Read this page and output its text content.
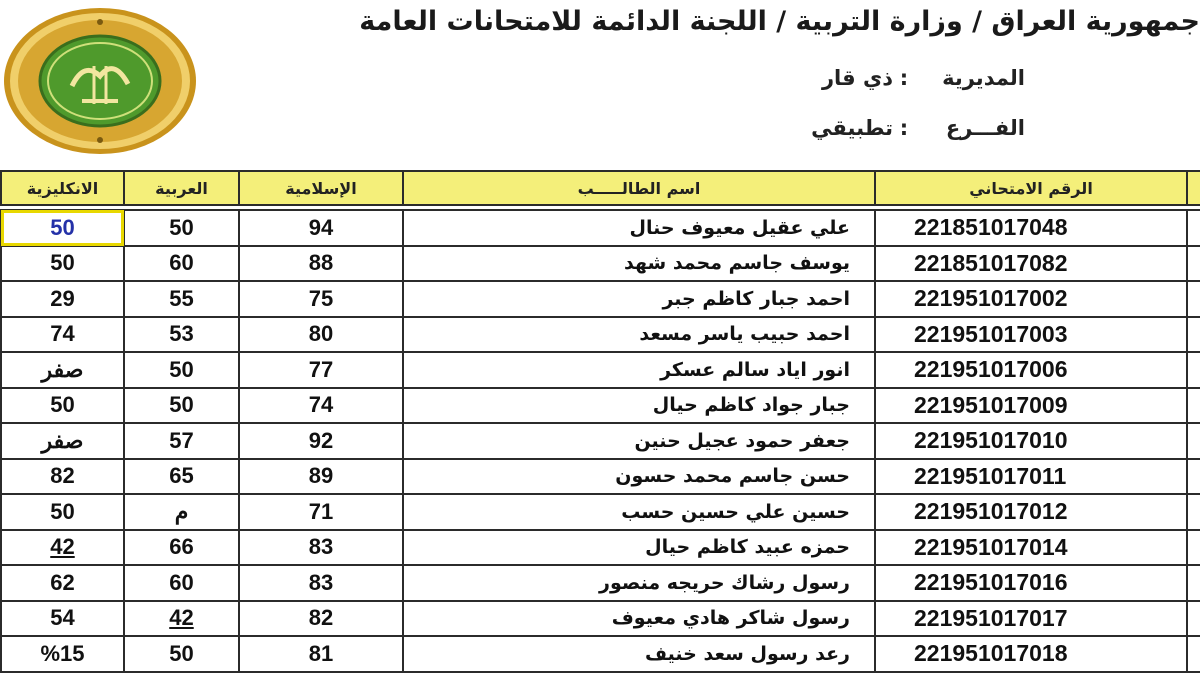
جمهورية العراق / وزارة التربية / اللجنة الدائمة للامتحانات العامة
المديرية:ذي قار
الفـــرع:تطبيقي
الانكليزية	العربية	الإسلامية	اسم الطالـــــب	الرقم الامتحاني	

50	50	94	علي عقيل معيوف حنال	221851017048	
50	60	88	يوسف جاسم محمد شهد	221851017082	
29	55	75	احمد جبار كاظم جبر	221951017002	
74	53	80	احمد حبيب ياسر مسعد	221951017003	
صفر	50	77	انور اياد سالم عسكر	221951017006	
50	50	74	جبار جواد كاظم حيال	221951017009	
صفر	57	92	جعفر حمود عجيل حنين	221951017010	
82	65	89	حسن جاسم محمد حسون	221951017011	
50	م	71	حسين علي حسين حسب	221951017012	
42	66	83	حمزه عبيد كاظم حيال	221951017014	
62	60	83	رسول رشاك حريجه منصور	221951017016	
54	42	82	رسول شاكر هادي معيوف	221951017017	
%15	50	81	رعد رسول سعد خنيف	221951017018	
